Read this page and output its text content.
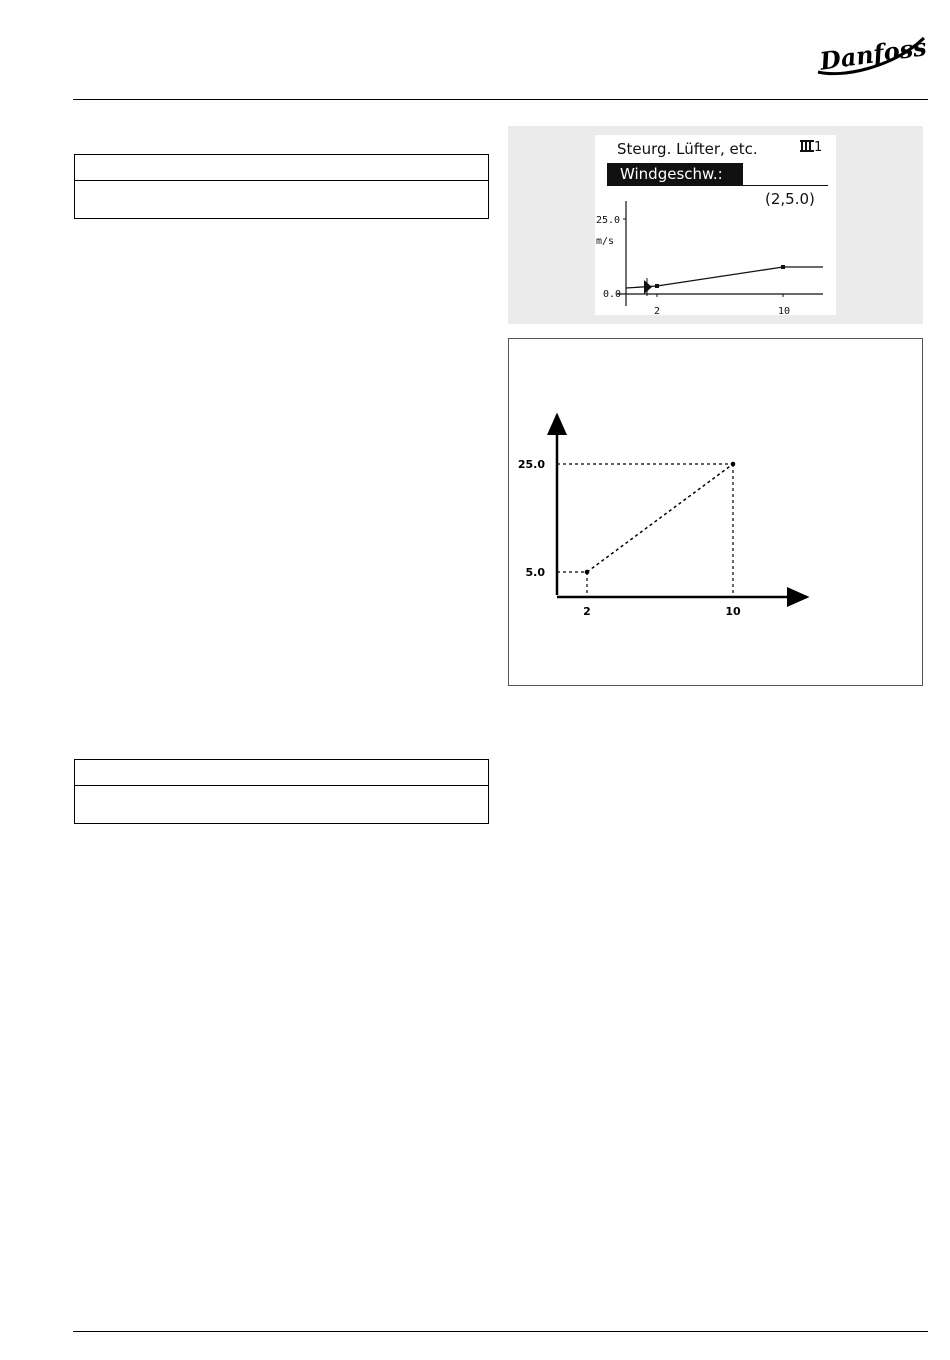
Danfoss
Steurg. Lüfter, etc.	1
Windgeschw.:
(2,5.0)
25.0
m/s
0.0
2	10
5.0
25.0
2	10
